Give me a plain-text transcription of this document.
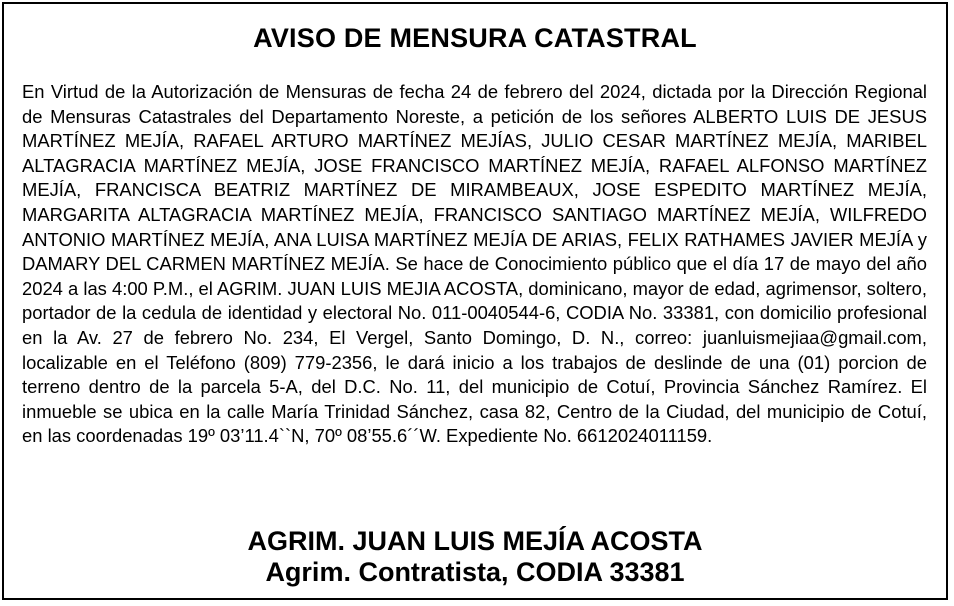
AVISO DE MENSURA CATASTRAL

En Virtud de la Autorización de Mensuras de fecha 24 de febrero del 2024, dictada por la Dirección Regional de Mensuras Catastrales del Departamento Noreste, a petición de los señores ALBERTO LUIS DE JESUS MARTÍNEZ MEJÍA, RAFAEL ARTURO MARTÍNEZ MEJÍAS, JULIO CESAR MARTÍNEZ MEJÍA, MARIBEL ALTAGRACIA MARTÍNEZ MEJÍA, JOSE FRANCISCO MARTÍNEZ MEJÍA, RAFAEL ALFONSO MARTÍNEZ MEJÍA, FRANCISCA BEATRIZ MARTÍNEZ DE MIRAMBEAUX, JOSE ESPEDITO MARTÍNEZ MEJÍA, MARGARITA ALTAGRACIA MARTÍNEZ MEJÍA, FRANCISCO SANTIAGO MARTÍNEZ MEJÍA, WILFREDO ANTONIO MARTÍNEZ MEJÍA, ANA LUISA MARTÍNEZ MEJÍA DE ARIAS, FELIX RATHAMES JAVIER MEJÍA y DAMARY DEL CARMEN MARTÍNEZ MEJÍA. Se hace de Conocimiento público que el día 17 de mayo del año 2024 a las 4:00 P.M., el AGRIM. JUAN LUIS MEJIA ACOSTA, dominicano, mayor de edad, agrimensor, soltero, portador de la cedula de identidad y electoral No. 011-0040544-6, CODIA No. 33381, con domicilio profesional en la Av. 27 de febrero No. 234, El Vergel, Santo Domingo, D. N., correo: juanluismejiaa@gmail.com, localizable en el Teléfono (809) 779-2356, le dará inicio a los trabajos de deslinde de una (01) porcion de terreno dentro de la parcela 5-A, del D.C. No. 11, del municipio de Cotuí, Provincia Sánchez Ramírez. El inmueble se ubica en la calle María Trinidad Sánchez, casa 82, Centro de la Ciudad, del municipio de Cotuí, en las coordenadas 19º 03’11.4``N, 70º 08’55.6´´W. Expediente No. 6612024011159.

AGRIM. JUAN LUIS MEJÍA ACOSTA
Agrim. Contratista, CODIA 33381
